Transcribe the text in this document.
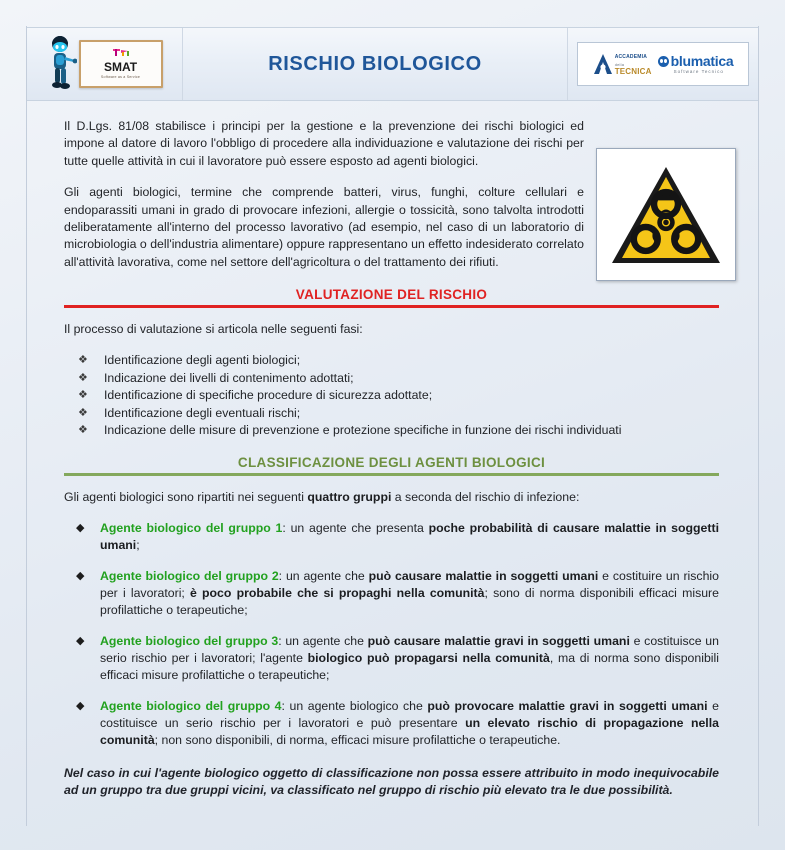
SMAT
Software as a Service
RISCHIO BIOLOGICO	ACCADEMIA
della
TECNICA
blumatica
Software Tecnico

Il D.Lgs. 81/08 stabilisce i principi per la gestione e la prevenzione dei rischi biologici ed impone al datore di lavoro l'obbligo di procedere alla individuazione e valutazione dei rischi per tutte quelle attività in cui il lavoratore può essere esposto ad agenti biologici.

Gli agenti biologici, termine che comprende batteri, virus, funghi, colture cellulari e endoparassiti umani in grado di provocare infezioni, allergie o tossicità, sono talvolta introdotti deliberatamente all'interno del processo lavorativo (ad esempio, nel caso di un laboratorio di microbiologia o dell'industria alimentare) oppure rappresentano un effetto indesiderato correlato all'attività lavorativa, come nel settore dell'agricoltura o del trattamento dei rifiuti.

VALUTAZIONE DEL RISCHIO

Il processo di valutazione si articola nelle seguenti fasi:

❖ Identificazione degli agenti biologici;
❖ Indicazione dei livelli di contenimento adottati;
❖ Identificazione di specifiche procedure di sicurezza adottate;
❖ Identificazione degli eventuali rischi;
❖ Indicazione delle misure di prevenzione e protezione specifiche in funzione dei rischi individuati
CLASSIFICAZIONE DEGLI AGENTI BIOLOGICI

Gli agenti biologici sono ripartiti nei seguenti quattro gruppi a seconda del rischio di infezione:

◆ Agente biologico del gruppo 1: un agente che presenta poche probabilità di causare malattie in soggetti umani;
◆ Agente biologico del gruppo 2: un agente che può causare malattie in soggetti umani e costituire un rischio per i lavoratori; è poco probabile che si propaghi nella comunità; sono di norma disponibili efficaci misure profilattiche o terapeutiche;
◆ Agente biologico del gruppo 3: un agente che può causare malattie gravi in soggetti umani e costituisce un serio rischio per i lavoratori; l'agente biologico può propagarsi nella comunità, ma di norma sono disponibili efficaci misure profilattiche o terapeutiche;
◆ Agente biologico del gruppo 4: un agente biologico che può provocare malattie gravi in soggetti umani e costituisce un serio rischio per i lavoratori e può presentare un elevato rischio di propagazione nella comunità; non sono disponibili, di norma, efficaci misure profilattiche o terapeutiche.

Nel caso in cui l'agente biologico oggetto di classificazione non possa essere attribuito in modo inequivocabile ad un gruppo tra due gruppi vicini, va classificato nel gruppo di rischio più elevato tra le due possibilità.
